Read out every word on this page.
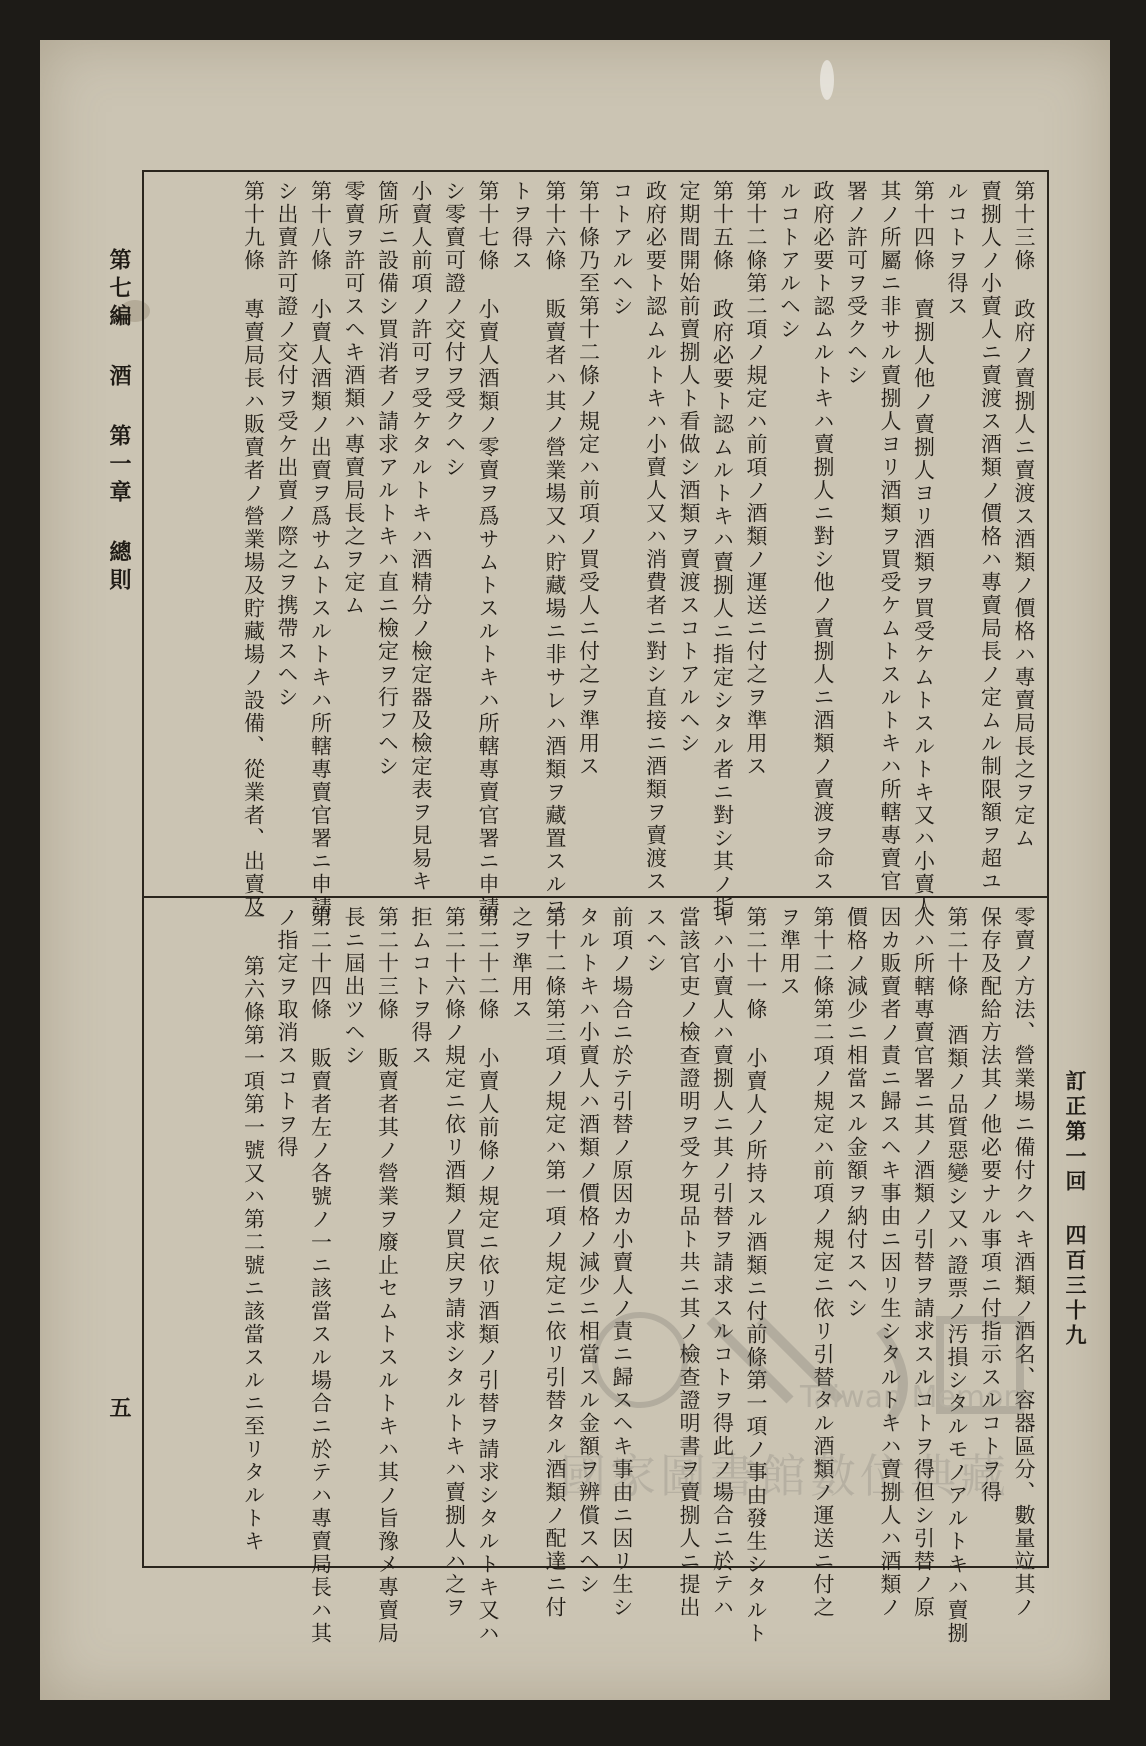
訂正第一回 四百三十九
第七編 酒 第一章 總則
五
第十三條 政府ノ賣捌人ニ賣渡ス酒類ノ價格ハ專賣局長之ヲ定ム
賣捌人ノ小賣人ニ賣渡ス酒類ノ價格ハ專賣局長ノ定ムル制限額ヲ超ユ
ルコトヲ得ス
第十四條 賣捌人他ノ賣捌人ヨリ酒類ヲ買受ケムトスルトキ又ハ小賣人
其ノ所屬ニ非サル賣捌人ヨリ酒類ヲ買受ケムトスルトキハ所轄專賣官
署ノ許可ヲ受クヘシ
政府必要ト認ムルトキハ賣捌人ニ對シ他ノ賣捌人ニ酒類ノ賣渡ヲ命ス
ルコトアルヘシ
第十二條第二項ノ規定ハ前項ノ酒類ノ運送ニ付之ヲ準用ス
第十五條 政府必要ト認ムルトキハ賣捌人ニ指定シタル者ニ對シ其ノ指
定期間開始前賣捌人ト看做シ酒類ヲ賣渡スコトアルヘシ
政府必要ト認ムルトキハ小賣人又ハ消費者ニ對シ直接ニ酒類ヲ賣渡ス
コトアルヘシ
第十條乃至第十二條ノ規定ハ前項ノ買受人ニ付之ヲ準用ス
第十六條 販賣者ハ其ノ營業場又ハ貯藏場ニ非サレハ酒類ヲ藏置スルコ
トヲ得ス
第十七條 小賣人酒類ノ零賣ヲ爲サムトスルトキハ所轄專賣官署ニ申請
シ零賣可證ノ交付ヲ受クヘシ
小賣人前項ノ許可ヲ受ケタルトキハ酒精分ノ檢定器及檢定表ヲ見易キ
箇所ニ設備シ買消者ノ請求アルトキハ直ニ檢定ヲ行フヘシ
零賣ヲ許可スヘキ酒類ハ專賣局長之ヲ定ム
第十八條 小賣人酒類ノ出賣ヲ爲サムトスルトキハ所轄專賣官署ニ申請
シ出賣許可證ノ交付ヲ受ケ出賣ノ際之ヲ携帶スヘシ
第十九條 專賣局長ハ販賣者ノ營業場及貯藏場ノ設備、從業者、出賣及
零賣ノ方法、營業場ニ備付クヘキ酒類ノ酒名、容器區分、數量竝其ノ
保存及配給方法其ノ他必要ナル事項ニ付指示スルコトヲ得
第二十條 酒類ノ品質惡變シ又ハ證票ノ汚損シタルモノアルトキハ賣捌
人ハ所轄專賣官署ニ其ノ酒類ノ引替ヲ請求スルコトヲ得但シ引替ノ原
因カ販賣者ノ責ニ歸スヘキ事由ニ因リ生シタルトキハ賣捌人ハ酒類ノ
價格ノ減少ニ相當スル金額ヲ納付スヘシ
第十二條第二項ノ規定ハ前項ノ規定ニ依リ引替タル酒類ノ運送ニ付之
ヲ準用ス
第二十一條 小賣人ノ所持スル酒類ニ付前條第一項ノ事由發生シタルト
キハ小賣人ハ賣捌人ニ其ノ引替ヲ請求スルコトヲ得此ノ場合ニ於テハ
當該官吏ノ檢查證明ヲ受ケ現品ト共ニ其ノ檢查證明書ヲ賣捌人ニ提出
スヘシ
前項ノ場合ニ於テ引替ノ原因カ小賣人ノ責ニ歸スヘキ事由ニ因リ生シ
タルトキハ小賣人ハ酒類ノ價格ノ減少ニ相當スル金額ヲ辨償スヘシ
第十二條第三項ノ規定ハ第一項ノ規定ニ依リ引替タル酒類ノ配達ニ付
之ヲ準用ス
第二十二條 小賣人前條ノ規定ニ依リ酒類ノ引替ヲ請求シタルトキ又ハ
第二十六條ノ規定ニ依リ酒類ノ買戻ヲ請求シタルトキハ賣捌人ハ之ヲ
拒ムコトヲ得ス
第二十三條 販賣者其ノ營業ヲ廢止セムトスルトキハ其ノ旨豫メ專賣局
長ニ屆出ツヘシ
第二十四條 販賣者左ノ各號ノ一ニ該當スル場合ニ於テハ專賣局長ハ其
ノ指定ヲ取消スコトヲ得
一 第六條第一項第一號又ハ第二號ニ該當スルニ至リタルトキ
